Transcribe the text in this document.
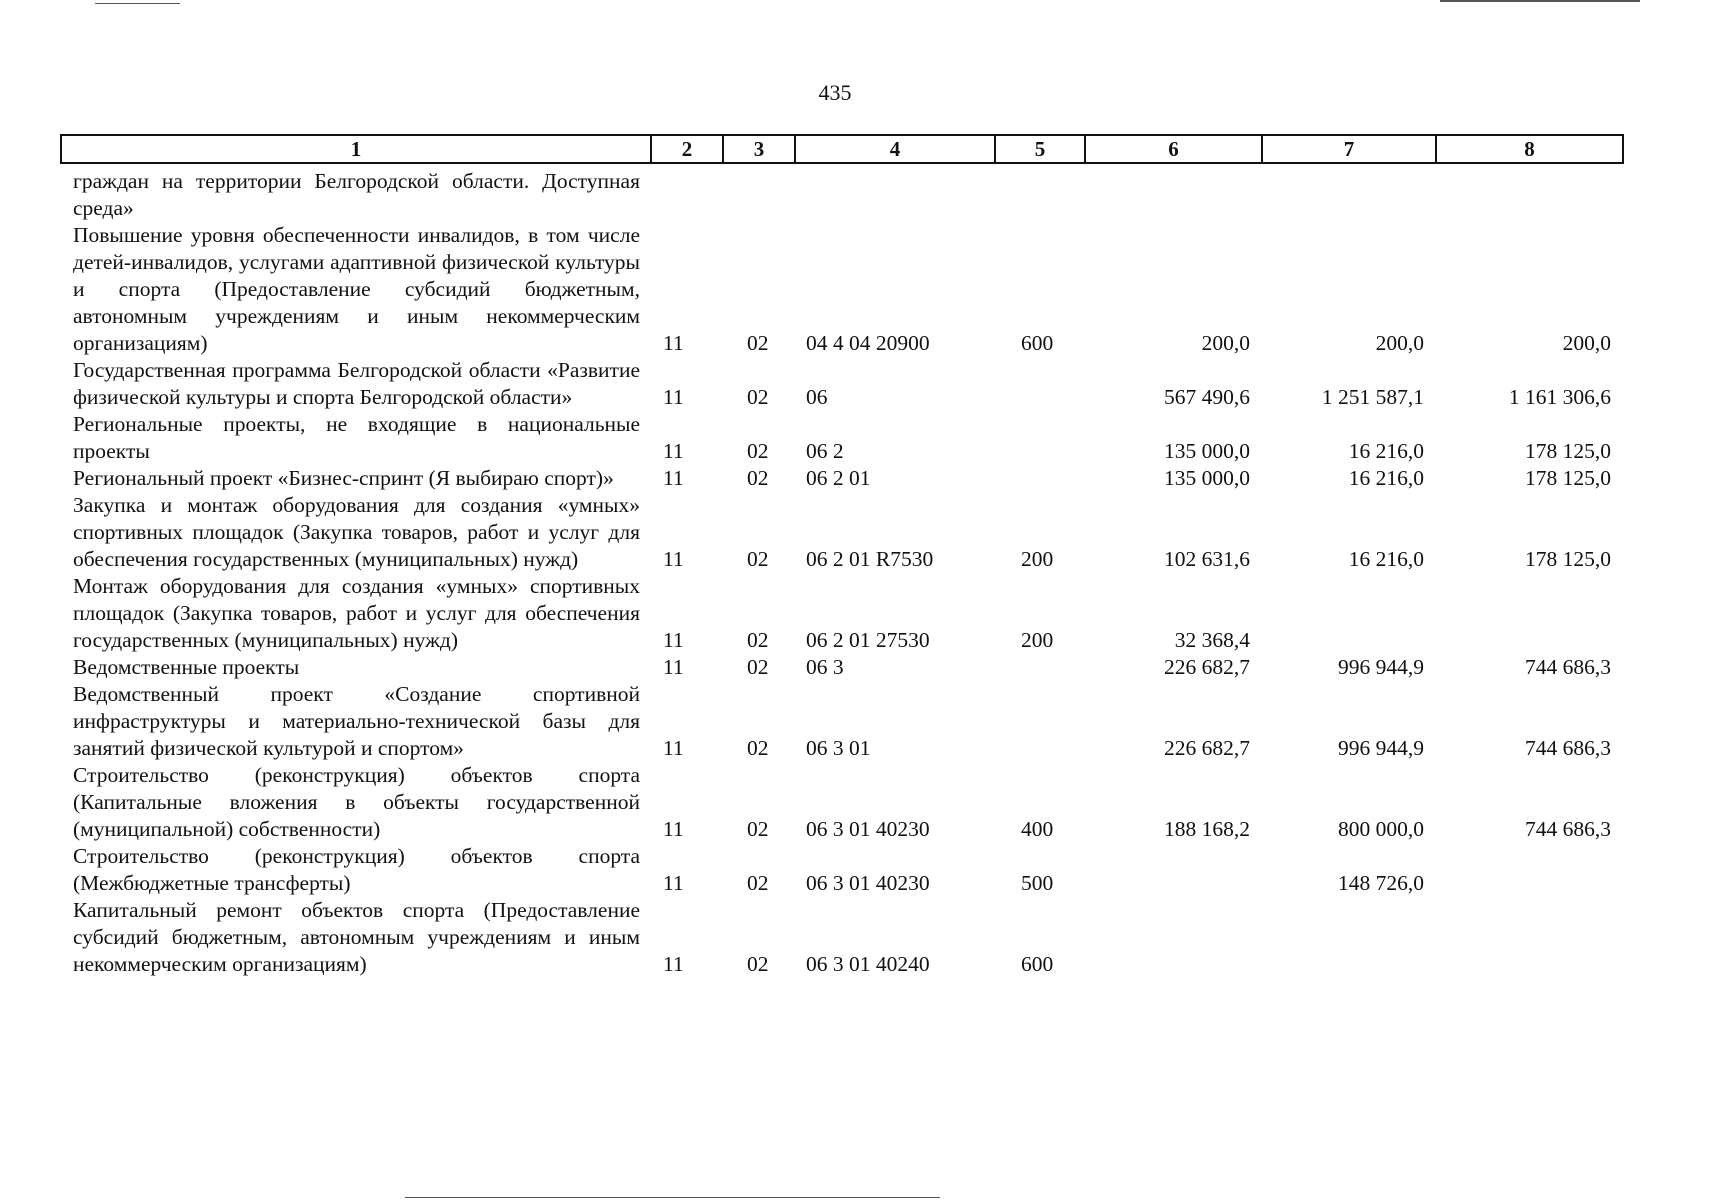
435
1	2	3	4	5	6	7	8
граждан на территории Белгородской области. Доступная среда»							
Повышение уровня обеспеченности инвалидов, в том числе детей-инвалидов, услугами адаптивной физической культуры и спорта (Предоставление субсидий бюджетным, автономным учреждениям и иным некоммерческим организациям)	11	02	04 4 04 20900	600	200,0	200,0	200,0
Государственная программа Белгородской области «Развитие физической культуры и спорта Белгородской области»	11	02	06		567 490,6	1 251 587,1	1 161 306,6
Региональные проекты, не входящие в национальные проекты	11	02	06 2		135 000,0	16 216,0	178 125,0
Региональный проект «Бизнес-спринт (Я выбираю спорт)»	11	02	06 2 01		135 000,0	16 216,0	178 125,0
Закупка и монтаж оборудования для создания «умных» спортивных площадок (Закупка товаров, работ и услуг для обеспечения государственных (муниципальных) нужд)	11	02	06 2 01 R7530	200	102 631,6	16 216,0	178 125,0
Монтаж оборудования для создания «умных» спортивных площадок (Закупка товаров, работ и услуг для обеспечения государственных (муниципальных) нужд)	11	02	06 2 01 27530	200	32 368,4		
Ведомственные проекты	11	02	06 3		226 682,7	996 944,9	744 686,3
Ведомственный проект «Создание спортивной инфраструктуры и материально-технической базы для занятий физической культурой и спортом»	11	02	06 3 01		226 682,7	996 944,9	744 686,3
Строительство (реконструкция) объектов спорта (Капитальные вложения в объекты государственной (муниципальной) собственности)	11	02	06 3 01 40230	400	188 168,2	800 000,0	744 686,3
Строительство (реконструкция) объектов спорта (Межбюджетные трансферты)	11	02	06 3 01 40230	500		148 726,0	
Капитальный ремонт объектов спорта (Предоставление субсидий бюджетным, автономным учреждениям и иным некоммерческим организациям)	11	02	06 3 01 40240	600			
